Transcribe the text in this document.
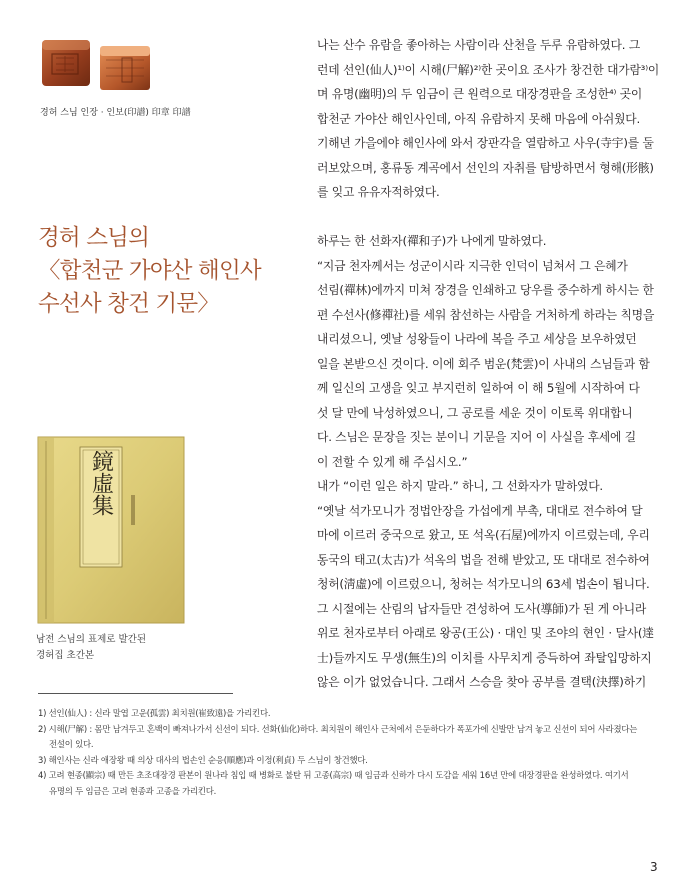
경허 스님 인장 · 인보(印譜) 印章 印譜
경허 스님의
〈합천군 가야산 해인사
수선사 창건 기문〉
鏡虛集
남전 스님의 표제로 발간된
경허집 초간본
나는 산수 유람을 좋아하는 사람이라 산천을 두루 유람하였다. 그
런데 선인(仙人)¹⁾이 시해(尸解)²⁾한 곳이요 조사가 창건한 대가람³⁾이
며 유명(幽明)의 두 임금이 큰 원력으로 대장경판을 조성한⁴⁾ 곳이
합천군 가야산 해인사인데, 아직 유람하지 못해 마음에 아쉬웠다.
기해년 가을에야 해인사에 와서 장판각을 열람하고 사우(寺宇)를 둘
러보았으며, 홍류동 계곡에서 선인의 자취를 탐방하면서 형해(形骸)
를 잊고 유유자적하였다.
하루는 한 선화자(禪和子)가 나에게 말하였다.
“지금 천자께서는 성군이시라 지극한 인덕이 넘쳐서 그 은혜가
선림(禪林)에까지 미쳐 장경을 인쇄하고 당우를 중수하게 하시는 한
편 수선사(修禪社)를 세워 참선하는 사람을 거처하게 하라는 칙명을
내리셨으니, 옛날 성왕들이 나라에 복을 주고 세상을 보우하였던
일을 본받으신 것이다. 이에 회주 범운(梵雲)이 사내의 스님들과 함
께 일신의 고생을 잊고 부지런히 일하여 이 해 5월에 시작하여 다
섯 달 만에 낙성하였으니, 그 공로를 세운 것이 이토록 위대합니
다. 스님은 문장을 짓는 분이니 기문을 지어 이 사실을 후세에 길
이 전할 수 있게 해 주십시오.”
내가 “이런 일은 하지 말라.” 하니, 그 선화자가 말하였다.
“옛날 석가모니가 정법안장을 가섭에게 부촉, 대대로 전수하여 달
마에 이르러 중국으로 왔고, 또 석옥(石屋)에까지 이르렀는데, 우리
동국의 태고(太古)가 석옥의 법을 전해 받았고, 또 대대로 전수하여
청허(淸虛)에 이르렀으니, 청허는 석가모니의 63세 법손이 됩니다.
그 시절에는 산림의 납자들만 견성하여 도사(導師)가 된 게 아니라
위로 천자로부터 아래로 왕공(王公) · 대인 및 조야의 현인 · 달사(達
士)들까지도 무생(無生)의 이치를 사무치게 증득하여 좌탈입망하지
않은 이가 없었습니다. 그래서 스승을 찾아 공부를 결택(決擇)하기
1) 선인(仙人) : 신라 말엽 고운(孤雲) 최치원(崔致遠)을 가리킨다.
2) 시해(尸解) : 몸만 남겨두고 혼백이 빠져나가서 신선이 되다. 선화(仙化)하다. 최치원이 해인사 근처에서 은둔하다가 폭포가에 신발만 남겨 놓고 신선이 되어 사라졌다는
전설이 있다.
3) 해인사는 신라 애장왕 때 의상 대사의 법손인 순응(順應)과 이정(利貞) 두 스님이 창건했다.
4) 고려 현종(顯宗) 때 만든 초조대장경 판본이 원나라 침입 때 병화로 불탄 뒤 고종(高宗) 때 임금과 신하가 다시 도감을 세워 16년 만에 대장경판을 완성하였다. 여기서
유명의 두 임금은 고려 현종과 고종을 가리킨다.
3
